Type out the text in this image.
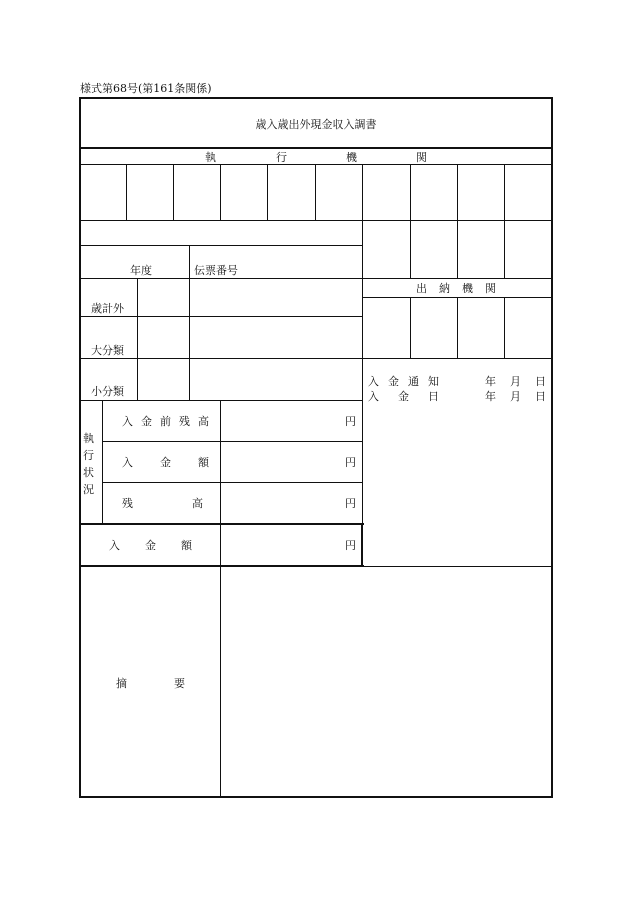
様式第68号(第161条関係)
歳入歳出外現金収入調書
執	行	機	関
年度	伝票番号
歳計外
大分類
小分類
出 納 機 関
入 金 通 知	年 月 日
入 金 日	年 月 日
執
行
状
況
入 金 前 残 高	円
入 金 額	円
残	高	円
入 金 額	円
摘	要
